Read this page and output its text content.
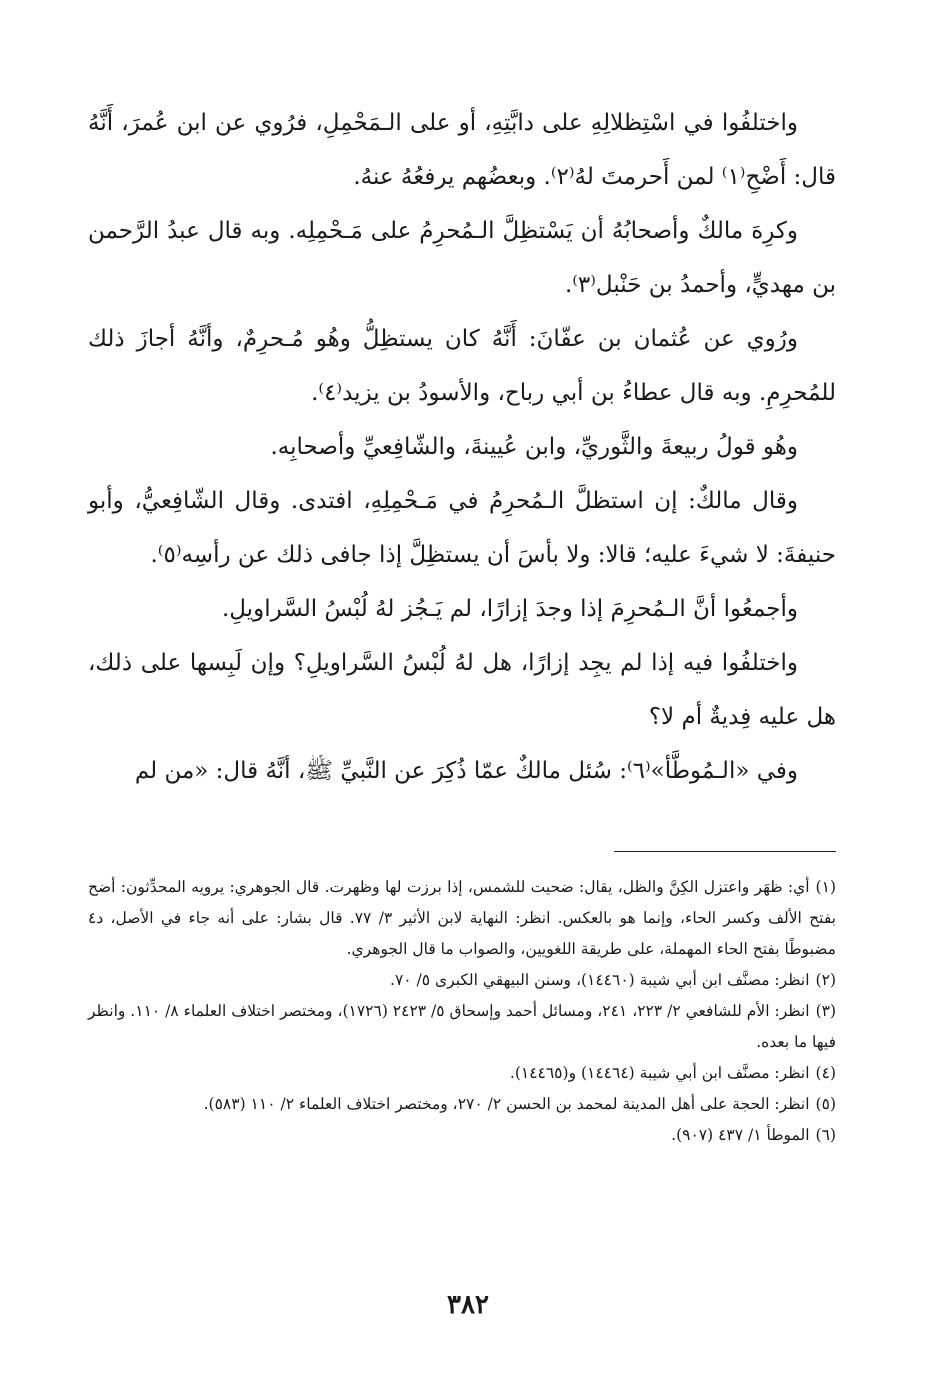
واختلفُوا في اسْتِظلالِهِ على دابَّتِهِ، أو على الـمَحْمِلِ، فرُوي عن ابن عُمرَ، أَنَّهُ قال: أَضْحِ⁽١⁾ لمن أَحرمتَ لهُ⁽٢⁾. وبعضُهم يرفعُهُ عنهُ.

وكرِهَ مالكٌ وأصحابُهُ أن يَسْتظِلَّ الـمُحرِمُ على مَـحْمِلِه. وبه قال عبدُ الرَّحمن بن مهديٍّ، وأحمدُ بن حَنْبل⁽٣⁾.

ورُوي عن عُثمان بن عفّانَ: أَنَّهُ كان يستظِلُّ وهُو مُـحرِمٌ، وأنَّهُ أجازَ ذلك للمُحرِمِ. وبه قال عطاءُ بن أبي رباح، والأسودُ بن يزيد⁽٤⁾.

وهُو قولُ ربيعةَ والثَّوريِّ، وابن عُيينةَ، والشّافِعيِّ وأصحابِه.

وقال مالكٌ: إن استظلَّ الـمُحرِمُ في مَـحْمِلِهِ، افتدى. وقال الشّافِعيُّ، وأبو حنيفةَ: لا شيءَ عليه؛ قالا: ولا بأسَ أن يستظِلَّ إذا جافى ذلك عن رأسِه⁽٥⁾.

وأجمعُوا أنَّ الـمُحرِمَ إذا وجدَ إزارًا، لم يَـجُز لهُ لُبْسُ السَّراويلِ.

واختلفُوا فيه إذا لم يجِد إزارًا، هل لهُ لُبْسُ السَّراويلِ؟ وإن لَبِسها على ذلك، هل عليه فِديةٌ أم لا؟

وفي «الـمُوطَّأ»⁽٦⁾: سُئل مالكٌ عمّا ذُكِرَ عن النَّبيِّ ﷺ، أنَّهُ قال: «من لم

(١)أي: ظهَر واعتزل الكِنَّ والظل، يقال: ضحيت للشمس، إذا برزت لها وظهرت. قال الجوهري: يرويه المحدِّثون: أضح بفتح الألف وكسر الحاء، وإنما هو بالعكس. انظر: النهاية لابن الأثير ٣/ ٧٧. قال بشار: على أنه جاء في الأصل، د٤ مضبوطًا بفتح الحاء المهملة، على طريقة اللغويين، والصواب ما قال الجوهري.

(٢)انظر: مصنَّف ابن أبي شيبة (١٤٤٦٠)، وسنن البيهقي الكبرى ٥/ ٧٠.

(٣)انظر: الأم للشافعي ٢/ ٢٢٣، ٢٤١، ومسائل أحمد وإسحاق ٥/ ٢٤٢٣ (١٧٢٦)، ومختصر اختلاف العلماء ٨/ ١١٠. وانظر فيها ما بعده.

(٤)انظر: مصنَّف ابن أبي شيبة (١٤٤٦٤) و(١٤٤٦٥).

(٥)انظر: الحجة على أهل المدينة لمحمد بن الحسن ٢/ ٢٧٠، ومختصر اختلاف العلماء ٢/ ١١٠ (٥٨٣).

(٦)الموطأ ١/ ٤٣٧ (٩٠٧).

٣٨٢
